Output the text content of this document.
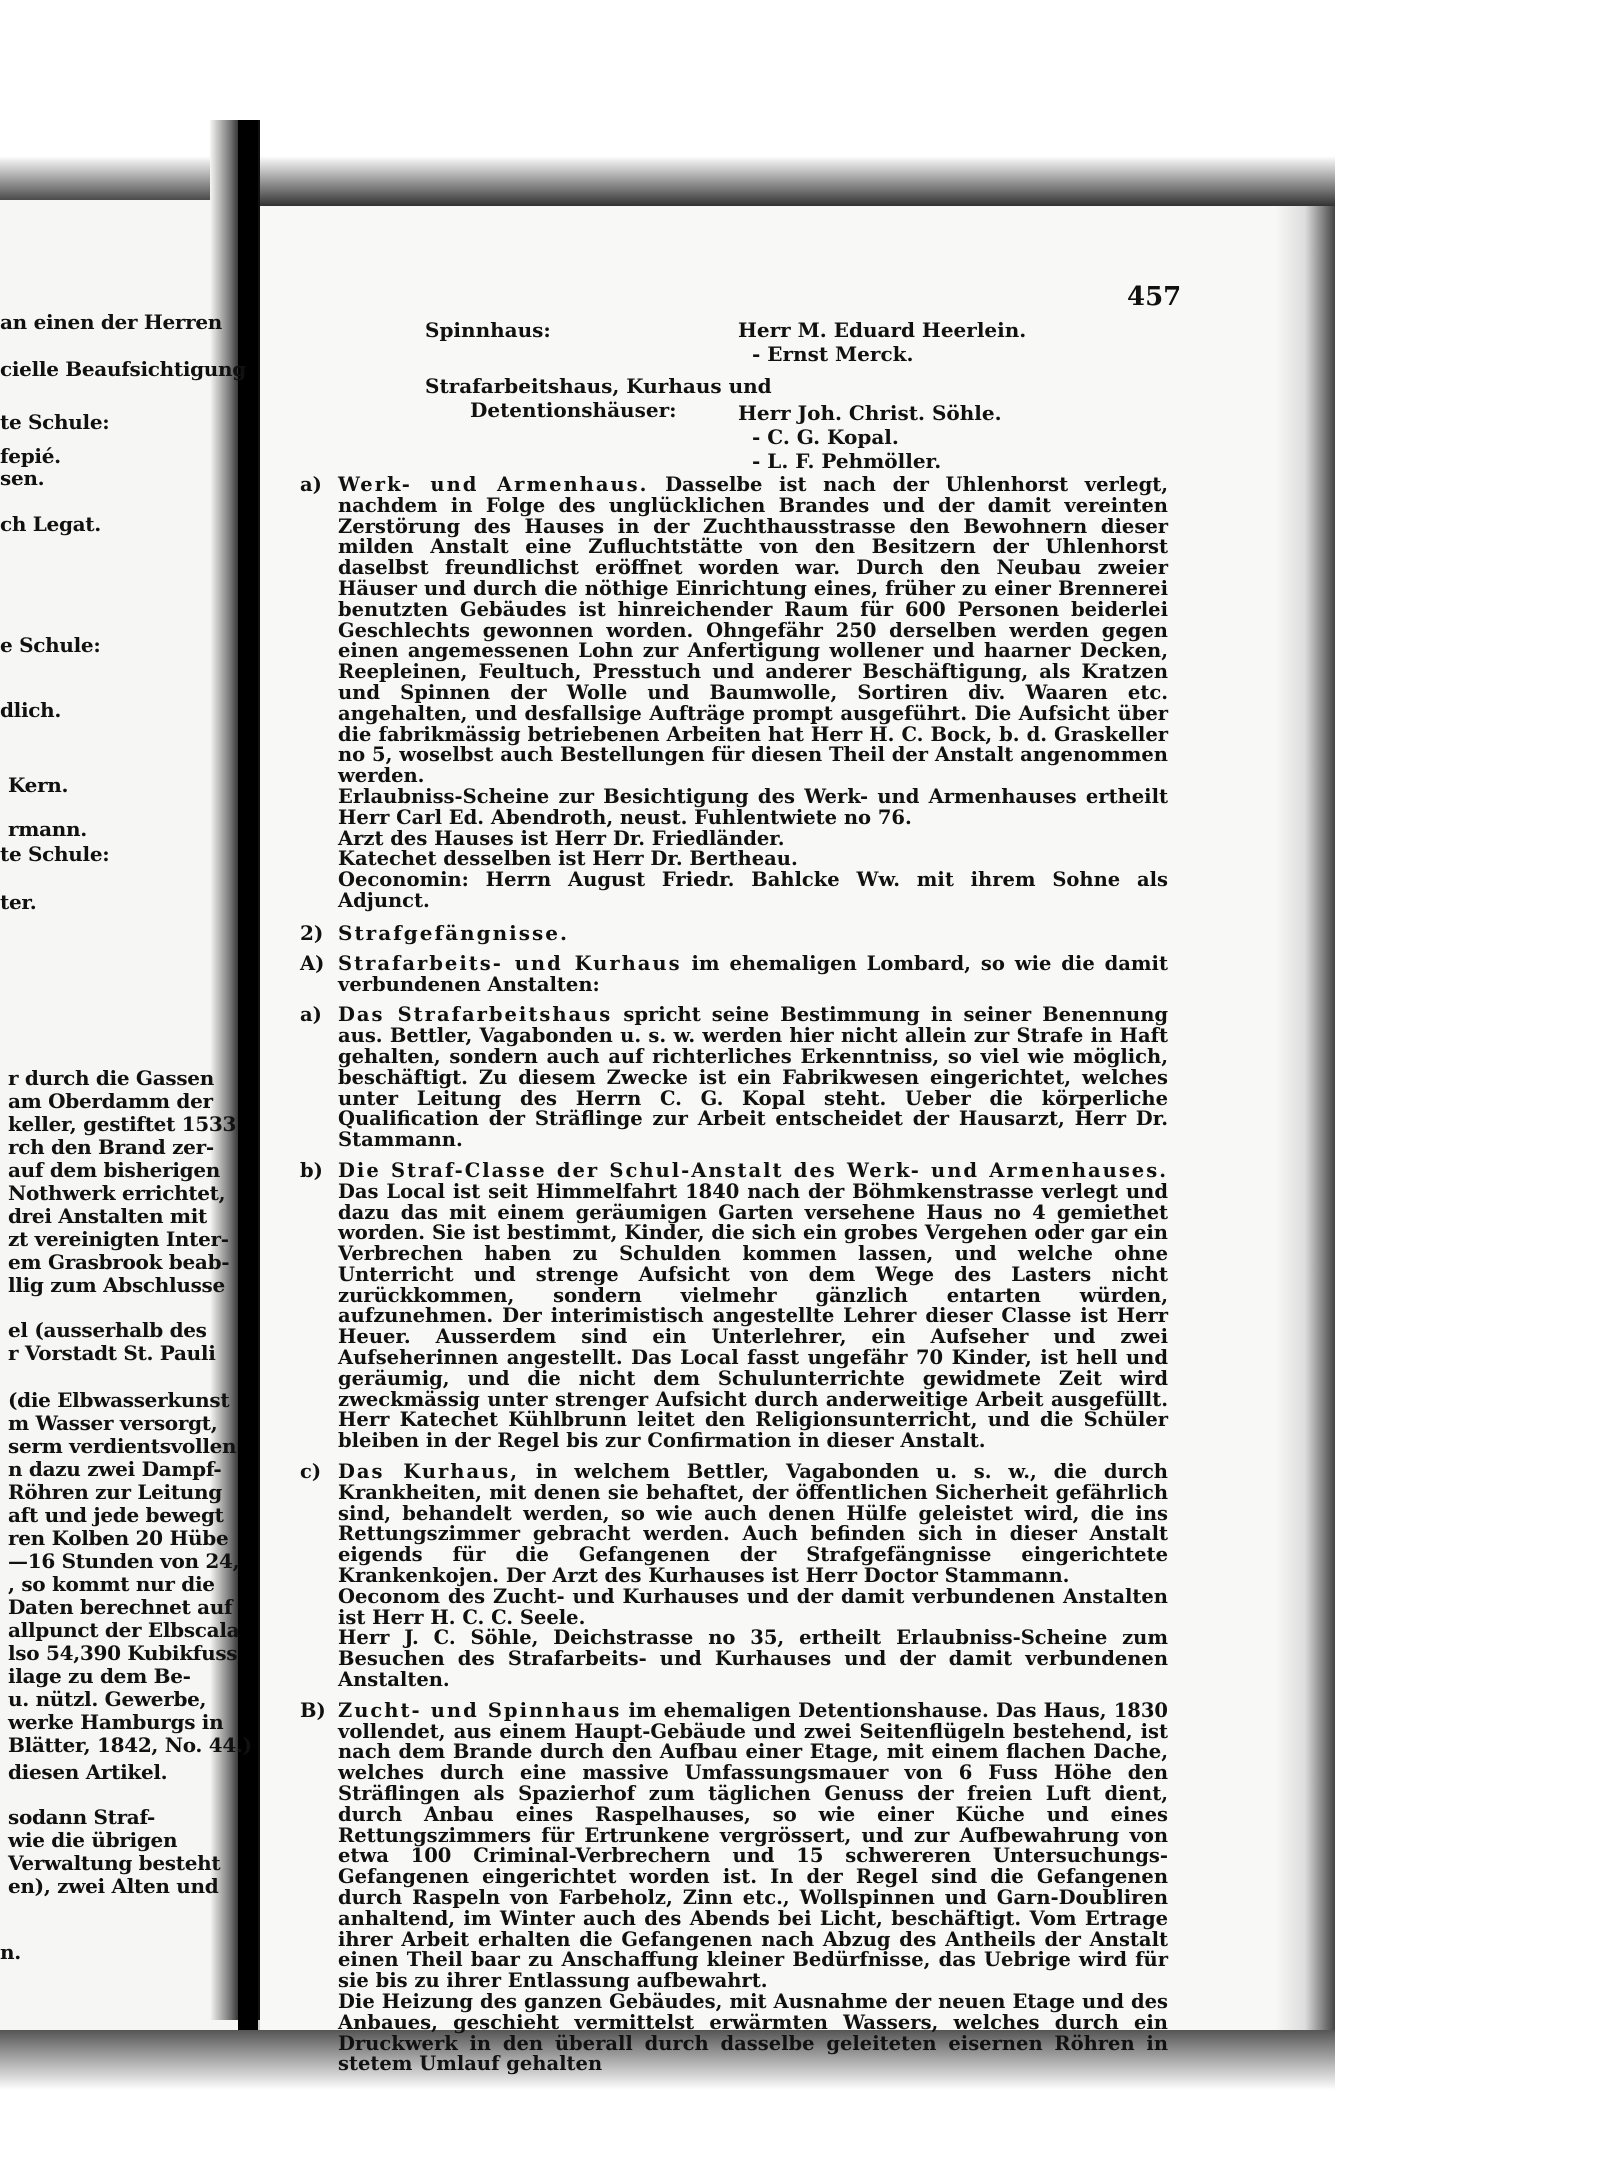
an einen der Herren
cielle Beaufsichtigung
te Schule:
fepié.
sen.
ch Legat.
e Schule:
dlich.
Kern.
rmann.
te Schule:
ter.
r durch die Gassen
am Oberdamm der
keller, gestiftet 1533
rch den Brand zer-
auf dem bisherigen
Nothwerk errichtet,
drei Anstalten mit
zt vereinigten Inter-
em Grasbrook beab-
llig zum Abschlusse
el (ausserhalb des
r Vorstadt St. Pauli
(die Elbwasserkunst
m Wasser versorgt,
serm verdientsvollen
n dazu zwei Dampf-
Röhren zur Leitung
aft und jede bewegt
ren Kolben 20 Hübe
—16 Stunden von 24,
, so kommt nur die
Daten berechnet auf
allpunct der Elbscala
lso 54,390 Kubikfuss
ilage zu dem Be-
u. nützl. Gewerbe,
werke Hamburgs in
Blätter, 1842, No. 44.)
diesen Artikel.
sodann Straf-
wie die übrigen
Verwaltung besteht
en), zwei Alten und
n.
457
Spinnhaus:	Herr M. Eduard Heerlein.
- Ernst Merck.
Strafarbeitshaus, Kurhaus und
Detentionshäuser:	Herr Joh. Christ. Söhle.
- C. G. Kopal.
- L. F. Pehmöller.

a) Werk- und Armenhaus. Dasselbe ist nach der Uhlenhorst verlegt, nachdem in Folge des unglücklichen Brandes und der damit vereinten Zerstörung des Hauses in der Zuchthausstrasse den Bewohnern dieser milden Anstalt eine Zufluchtstätte von den Besitzern der Uhlenhorst daselbst freundlichst eröffnet worden war. Durch den Neubau zweier Häuser und durch die nöthige Einrichtung eines, früher zu einer Brennerei benutzten Gebäudes ist hinreichender Raum für 600 Personen beiderlei Geschlechts gewonnen worden. Ohngefähr 250 derselben werden gegen einen angemessenen Lohn zur Anfertigung wollener und haarner Decken, Reepleinen, Feultuch, Presstuch und anderer Beschäftigung, als Kratzen und Spinnen der Wolle und Baumwolle, Sortiren div. Waaren etc. angehalten, und desfallsige Aufträge prompt ausgeführt. Die Aufsicht über die fabrikmässig betriebenen Arbeiten hat Herr H. C. Bock, b. d. Graskeller no 5, woselbst auch Bestellungen für diesen Theil der Anstalt angenommen werden.

Erlaubniss-Scheine zur Besichtigung des Werk- und Armenhauses ertheilt Herr Carl Ed. Abendroth, neust. Fuhlentwiete no 76.

Arzt des Hauses ist Herr Dr. Friedländer.

Katechet desselben ist Herr Dr. Bertheau.

Oeconomin: Herrn August Friedr. Bahlcke Ww. mit ihrem Sohne als Adjunct.

2) Strafgefängnisse.

A) Strafarbeits- und Kurhaus im ehemaligen Lombard, so wie die damit verbundenen Anstalten:

a) Das Strafarbeitshaus spricht seine Bestimmung in seiner Benennung aus. Bettler, Vagabonden u. s. w. werden hier nicht allein zur Strafe in Haft gehalten, sondern auch auf richterliches Erkenntniss, so viel wie möglich, beschäftigt. Zu diesem Zwecke ist ein Fabrikwesen eingerichtet, welches unter Leitung des Herrn C. G. Kopal steht. Ueber die körperliche Qualification der Sträflinge zur Arbeit entscheidet der Hausarzt, Herr Dr. Stammann.

b) Die Straf-Classe der Schul-Anstalt des Werk- und Armenhauses. Das Local ist seit Himmelfahrt 1840 nach der Böhmkenstrasse verlegt und dazu das mit einem geräumigen Garten versehene Haus no 4 gemiethet worden. Sie ist bestimmt, Kinder, die sich ein grobes Vergehen oder gar ein Verbrechen haben zu Schulden kommen lassen, und welche ohne Unterricht und strenge Aufsicht von dem Wege des Lasters nicht zurückkommen, sondern vielmehr gänzlich entarten würden, aufzunehmen. Der interimistisch angestellte Lehrer dieser Classe ist Herr Heuer. Ausserdem sind ein Unterlehrer, ein Aufseher und zwei Aufseherinnen angestellt. Das Local fasst ungefähr 70 Kinder, ist hell und geräumig, und die nicht dem Schulunterrichte gewidmete Zeit wird zweckmässig unter strenger Aufsicht durch anderweitige Arbeit ausgefüllt. Herr Katechet Kühlbrunn leitet den Religionsunterricht, und die Schüler bleiben in der Regel bis zur Confirmation in dieser Anstalt.

c) Das Kurhaus, in welchem Bettler, Vagabonden u. s. w., die durch Krankheiten, mit denen sie behaftet, der öffentlichen Sicherheit gefährlich sind, behandelt werden, so wie auch denen Hülfe geleistet wird, die ins Rettungszimmer gebracht werden. Auch befinden sich in dieser Anstalt eigends für die Gefangenen der Strafgefängnisse eingerichtete Krankenkojen. Der Arzt des Kurhauses ist Herr Doctor Stammann.

Oeconom des Zucht- und Kurhauses und der damit verbundenen Anstalten ist Herr H. C. C. Seele.

Herr J. C. Söhle, Deichstrasse no 35, ertheilt Erlaubniss-Scheine zum Besuchen des Strafarbeits- und Kurhauses und der damit verbundenen Anstalten.

B) Zucht- und Spinnhaus im ehemaligen Detentionshause. Das Haus, 1830 vollendet, aus einem Haupt-Gebäude und zwei Seitenflügeln bestehend, ist nach dem Brande durch den Aufbau einer Etage, mit einem flachen Dache, welches durch eine massive Umfassungsmauer von 6 Fuss Höhe den Sträflingen als Spazierhof zum täglichen Genuss der freien Luft dient, durch Anbau eines Raspelhauses, so wie einer Küche und eines Rettungszimmers für Ertrunkene vergrössert, und zur Aufbewahrung von etwa 100 Criminal-Verbrechern und 15 schwereren Untersuchungs-Gefangenen eingerichtet worden ist. In der Regel sind die Gefangenen durch Raspeln von Farbeholz, Zinn etc., Wollspinnen und Garn-Doubliren anhaltend, im Winter auch des Abends bei Licht, beschäftigt. Vom Ertrage ihrer Arbeit erhalten die Gefangenen nach Abzug des Antheils der Anstalt einen Theil baar zu Anschaffung kleiner Bedürfnisse, das Uebrige wird für sie bis zu ihrer Entlassung aufbewahrt.

Die Heizung des ganzen Gebäudes, mit Ausnahme der neuen Etage und des Anbaues, geschieht vermittelst erwärmten Wassers, welches durch ein Druckwerk in den überall durch dasselbe geleiteten eisernen Röhren in stetem Umlauf gehalten
